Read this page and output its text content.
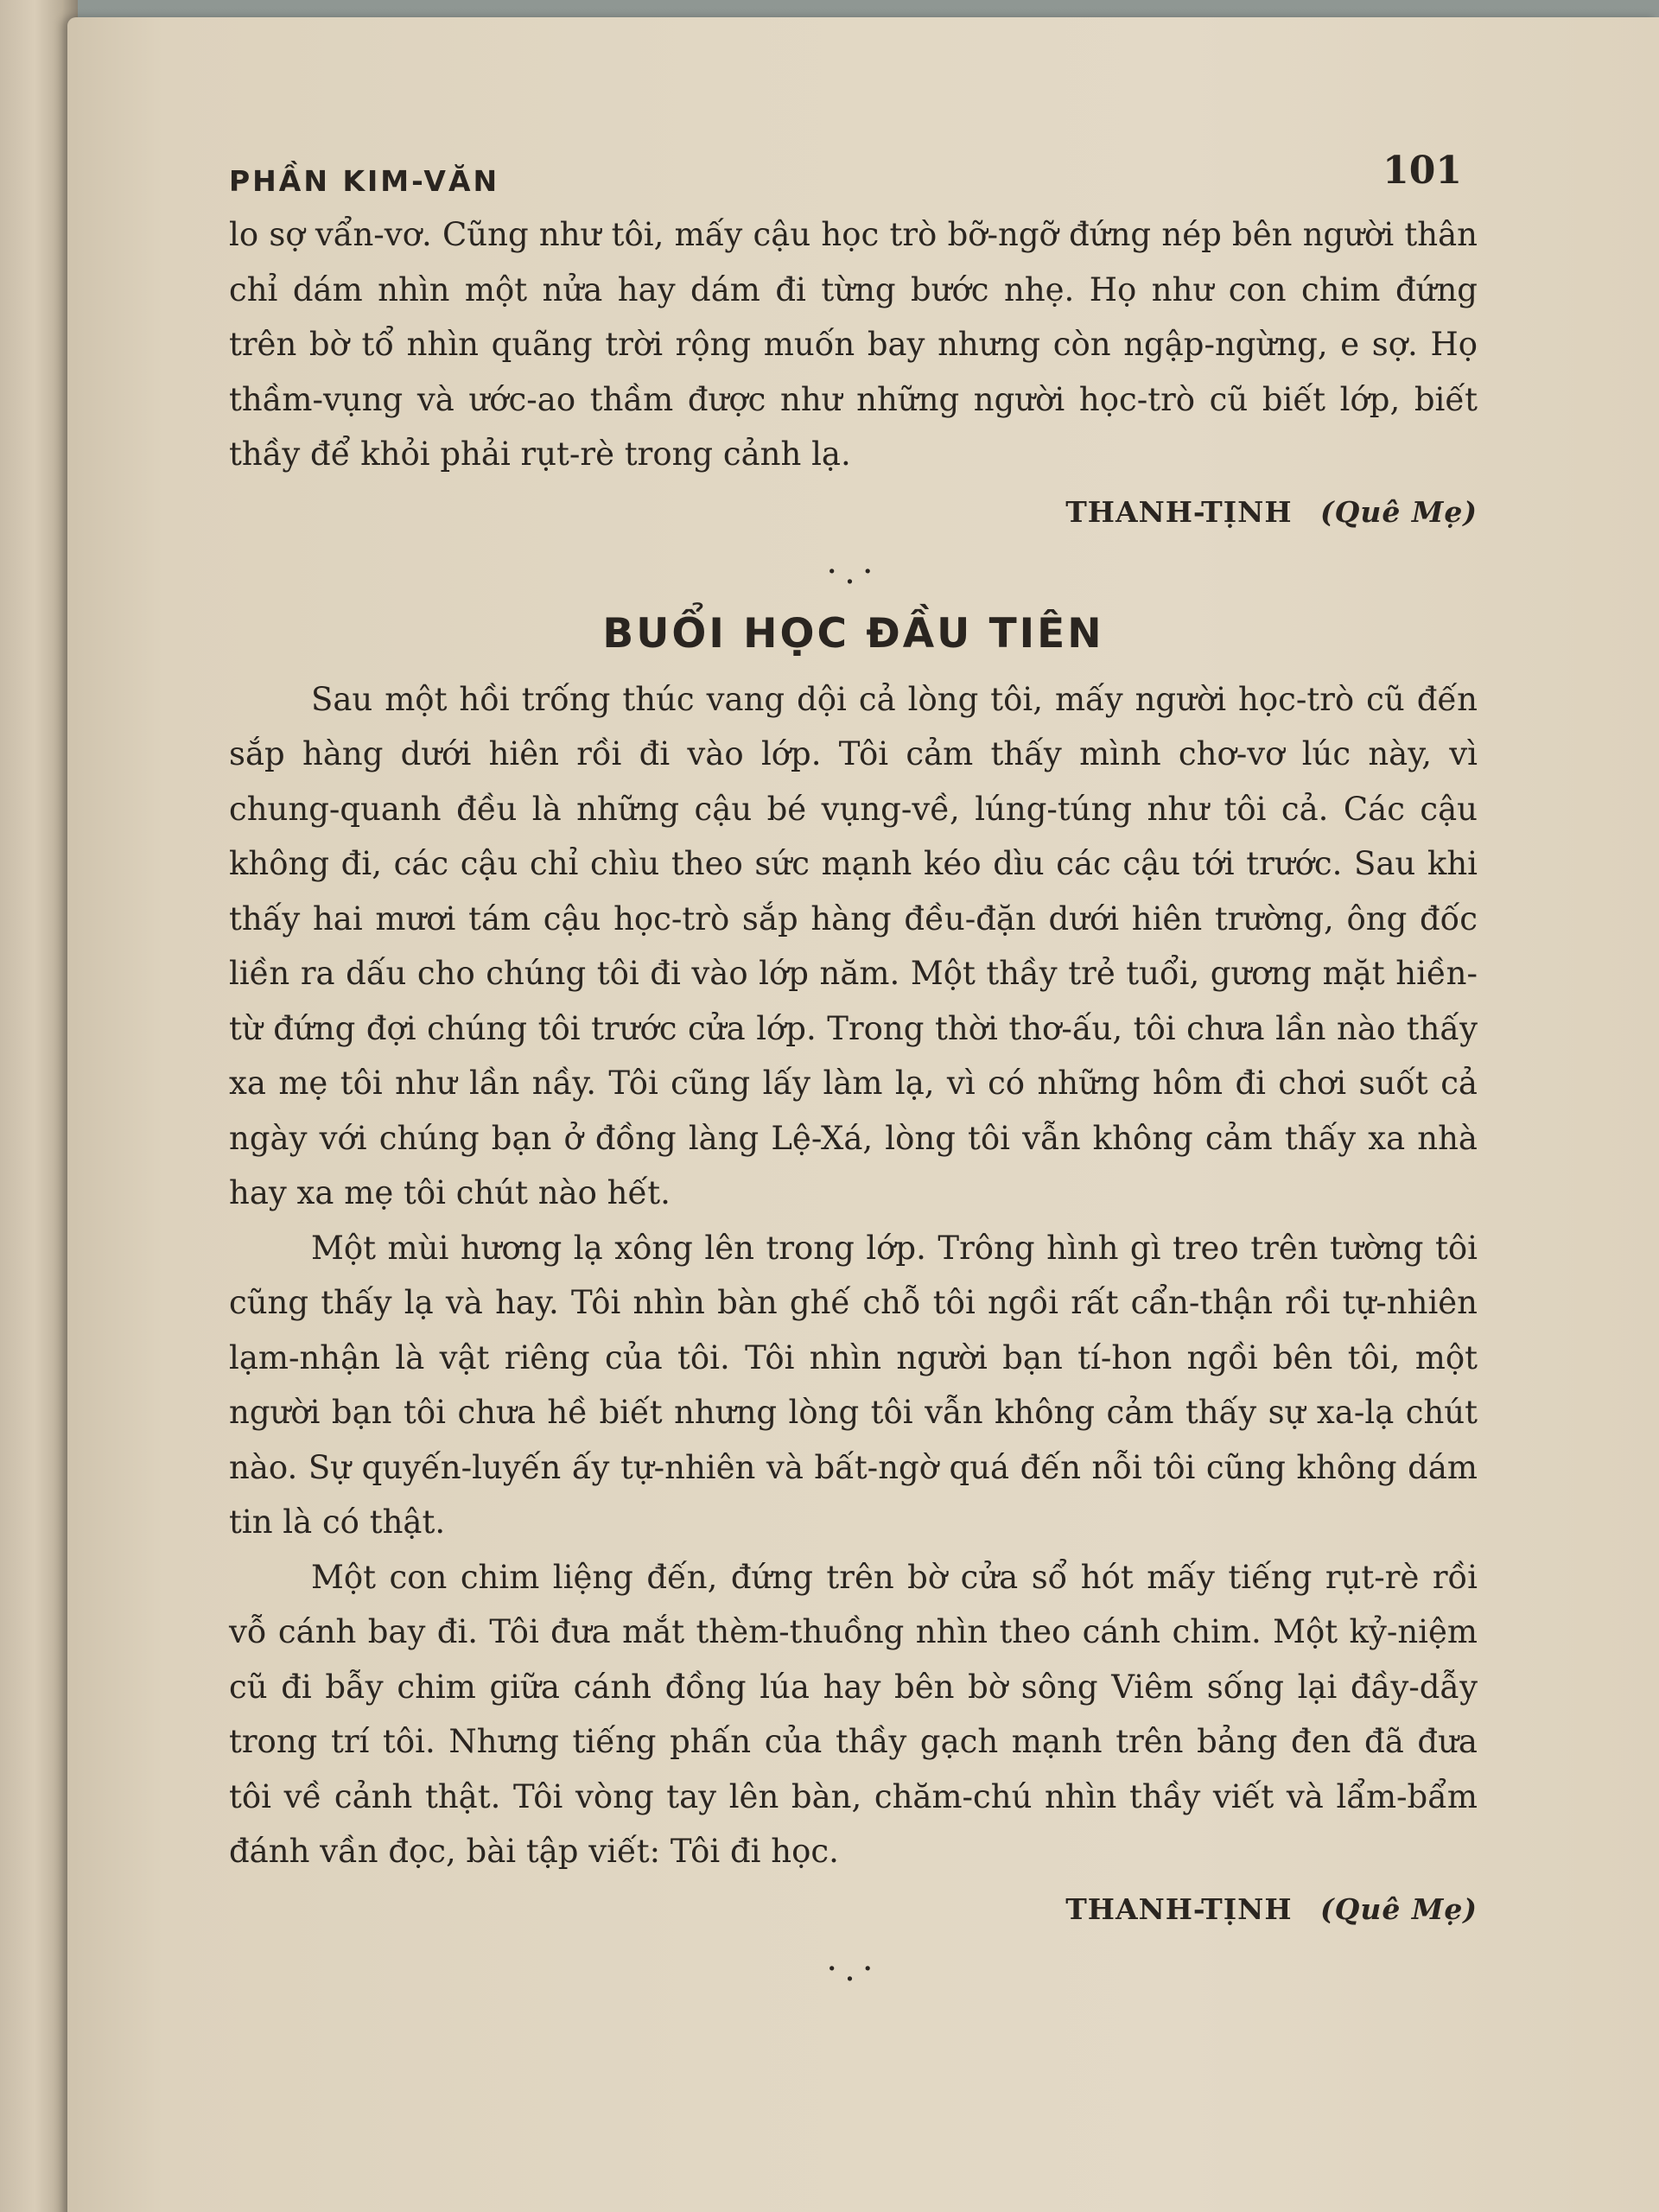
PHẦN KIM-VĂN	101

lo sợ vẩn-vơ. Cũng như tôi, mấy cậu học trò bỡ-ngỡ đứng nép bên người thân chỉ dám nhìn một nửa hay dám đi từng bước nhẹ. Họ như con chim đứng trên bờ tổ nhìn quãng trời rộng muốn bay nhưng còn ngập-ngừng, e sợ. Họ thầm-vụng và ước-ao thầm được như những người học-trò cũ biết lớp, biết thầy để khỏi phải rụt-rè trong cảnh lạ.

THANH-TỊNH (Quê Mẹ)
·.·
BUỔI HỌC ĐẦU TIÊN

Sau một hồi trống thúc vang dội cả lòng tôi, mấy người học-trò cũ đến sắp hàng dưới hiên rồi đi vào lớp. Tôi cảm thấy mình chơ-vơ lúc này, vì chung-quanh đều là những cậu bé vụng-về, lúng-túng như tôi cả. Các cậu không đi, các cậu chỉ chìu theo sức mạnh kéo dìu các cậu tới trước. Sau khi thấy hai mươi tám cậu học-trò sắp hàng đều-đặn dưới hiên trường, ông đốc liền ra dấu cho chúng tôi đi vào lớp năm. Một thầy trẻ tuổi, gương mặt hiền-từ đứng đợi chúng tôi trước cửa lớp. Trong thời thơ-ấu, tôi chưa lần nào thấy xa mẹ tôi như lần nầy. Tôi cũng lấy làm lạ, vì có những hôm đi chơi suốt cả ngày với chúng bạn ở đồng làng Lệ-Xá, lòng tôi vẫn không cảm thấy xa nhà hay xa mẹ tôi chút nào hết.

Một mùi hương lạ xông lên trong lớp. Trông hình gì treo trên tường tôi cũng thấy lạ và hay. Tôi nhìn bàn ghế chỗ tôi ngồi rất cẩn-thận rồi tự-nhiên lạm-nhận là vật riêng của tôi. Tôi nhìn người bạn tí-hon ngồi bên tôi, một người bạn tôi chưa hề biết nhưng lòng tôi vẫn không cảm thấy sự xa-lạ chút nào. Sự quyến-luyến ấy tự-nhiên và bất-ngờ quá đến nỗi tôi cũng không dám tin là có thật.

Một con chim liệng đến, đứng trên bờ cửa sổ hót mấy tiếng rụt-rè rồi vỗ cánh bay đi. Tôi đưa mắt thèm-thuồng nhìn theo cánh chim. Một kỷ-niệm cũ đi bẫy chim giữa cánh đồng lúa hay bên bờ sông Viêm sống lại đầy-dẫy trong trí tôi. Nhưng tiếng phấn của thầy gạch mạnh trên bảng đen đã đưa tôi về cảnh thật. Tôi vòng tay lên bàn, chăm-chú nhìn thầy viết và lẩm-bẩm đánh vần đọc, bài tập viết: Tôi đi học.

THANH-TỊNH (Quê Mẹ)
·.·
